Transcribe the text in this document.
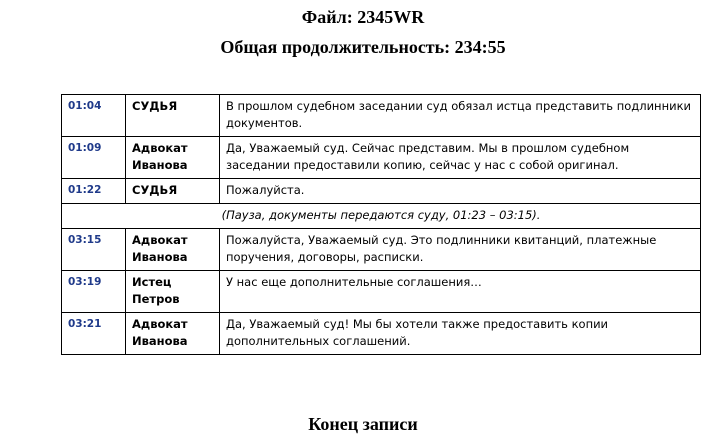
Файл: 2345WR

Общая продолжительность: 234:55

01:04	СУДЬЯ	В прошлом судебном заседании суд обязал истца представить подлинники документов.
01:09	Адвокат Иванова	Да, Уважаемый суд. Сейчас представим. Мы в прошлом судебном заседании предоставили копию, сейчас у нас с собой оригинал.
01:22	СУДЬЯ	Пожалуйста.
(Пауза, документы передаются суду, 01:23 – 03:15).		
03:15	Адвокат Иванова	Пожалуйста, Уважаемый суд. Это подлинники квитанций, платежные поручения, договоры, расписки.
03:19	Истец Петров	У нас еще дополнительные соглашения…
03:21	Адвокат Иванова	Да, Уважаемый суд! Мы бы хотели также предоставить копии дополнительных соглашений.

Конец записи
